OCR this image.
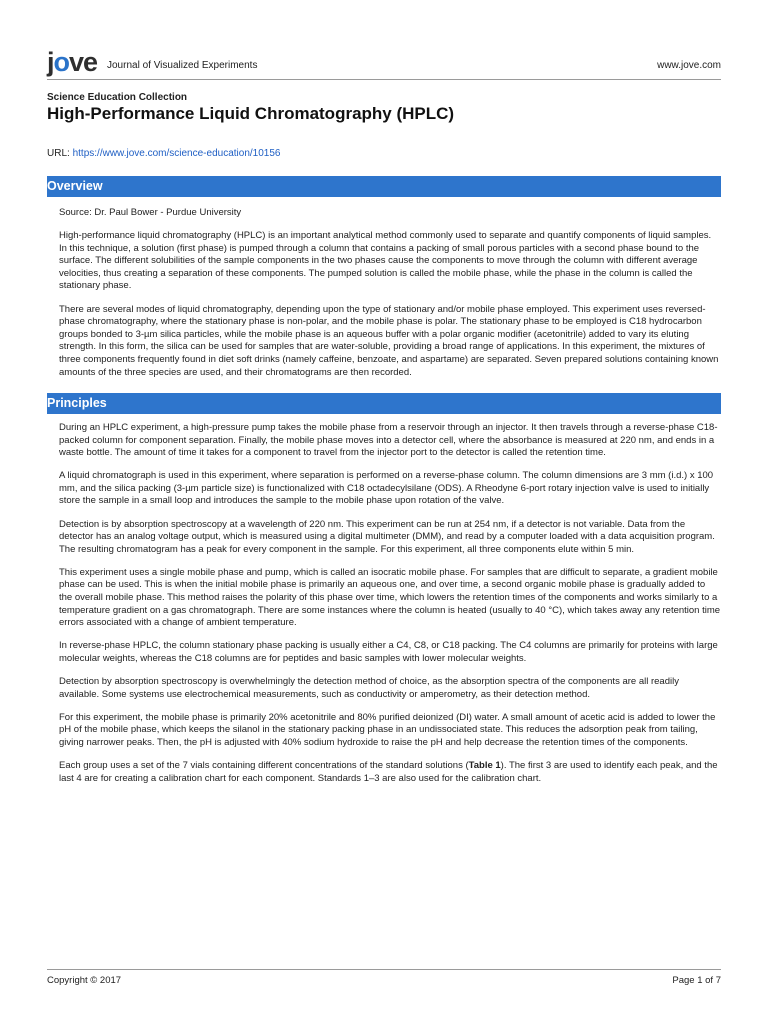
jove Journal of Visualized Experiments	www.jove.com
Science Education Collection
High-Performance Liquid Chromatography (HPLC)
URL: https://www.jove.com/science-education/10156
Overview

Source: Dr. Paul Bower - Purdue University

High-performance liquid chromatography (HPLC) is an important analytical method commonly used to separate and quantify components of liquid samples. In this technique, a solution (first phase) is pumped through a column that contains a packing of small porous particles with a second phase bound to the surface. The different solubilities of the sample components in the two phases cause the components to move through the column with different average velocities, thus creating a separation of these components. The pumped solution is called the mobile phase, while the phase in the column is called the stationary phase.

There are several modes of liquid chromatography, depending upon the type of stationary and/or mobile phase employed. This experiment uses reversed-phase chromatography, where the stationary phase is non-polar, and the mobile phase is polar. The stationary phase to be employed is C18 hydrocarbon groups bonded to 3-µm silica particles, while the mobile phase is an aqueous buffer with a polar organic modifier (acetonitrile) added to vary its eluting strength. In this form, the silica can be used for samples that are water-soluble, providing a broad range of applications. In this experiment, the mixtures of three components frequently found in diet soft drinks (namely caffeine, benzoate, and aspartame) are separated. Seven prepared solutions containing known amounts of the three species are used, and their chromatograms are then recorded.

Principles

During an HPLC experiment, a high-pressure pump takes the mobile phase from a reservoir through an injector. It then travels through a reverse-phase C18-packed column for component separation. Finally, the mobile phase moves into a detector cell, where the absorbance is measured at 220 nm, and ends in a waste bottle. The amount of time it takes for a component to travel from the injector port to the detector is called the retention time.

A liquid chromatograph is used in this experiment, where separation is performed on a reverse-phase column. The column dimensions are 3 mm (i.d.) x 100 mm, and the silica packing (3-µm particle size) is functionalized with C18 octadecylsilane (ODS). A Rheodyne 6-port rotary injection valve is used to initially store the sample in a small loop and introduces the sample to the mobile phase upon rotation of the valve.

Detection is by absorption spectroscopy at a wavelength of 220 nm. This experiment can be run at 254 nm, if a detector is not variable. Data from the detector has an analog voltage output, which is measured using a digital multimeter (DMM), and read by a computer loaded with a data acquisition program. The resulting chromatogram has a peak for every component in the sample. For this experiment, all three components elute within 5 min.

This experiment uses a single mobile phase and pump, which is called an isocratic mobile phase. For samples that are difficult to separate, a gradient mobile phase can be used. This is when the initial mobile phase is primarily an aqueous one, and over time, a second organic mobile phase is gradually added to the overall mobile phase. This method raises the polarity of this phase over time, which lowers the retention times of the components and works similarly to a temperature gradient on a gas chromatograph. There are some instances where the column is heated (usually to 40 °C), which takes away any retention time errors associated with a change of ambient temperature.

In reverse-phase HPLC, the column stationary phase packing is usually either a C4, C8, or C18 packing. The C4 columns are primarily for proteins with large molecular weights, whereas the C18 columns are for peptides and basic samples with lower molecular weights.

Detection by absorption spectroscopy is overwhelmingly the detection method of choice, as the absorption spectra of the components are all readily available. Some systems use electrochemical measurements, such as conductivity or amperometry, as their detection method.

For this experiment, the mobile phase is primarily 20% acetonitrile and 80% purified deionized (DI) water. A small amount of acetic acid is added to lower the pH of the mobile phase, which keeps the silanol in the stationary packing phase in an undissociated state. This reduces the adsorption peak from tailing, giving narrower peaks. Then, the pH is adjusted with 40% sodium hydroxide to raise the pH and help decrease the retention times of the components.

Each group uses a set of the 7 vials containing different concentrations of the standard solutions (Table 1). The first 3 are used to identify each peak, and the last 4 are for creating a calibration chart for each component. Standards 1–3 are also used for the calibration chart.

Copyright © 2017	Page 1 of 7
